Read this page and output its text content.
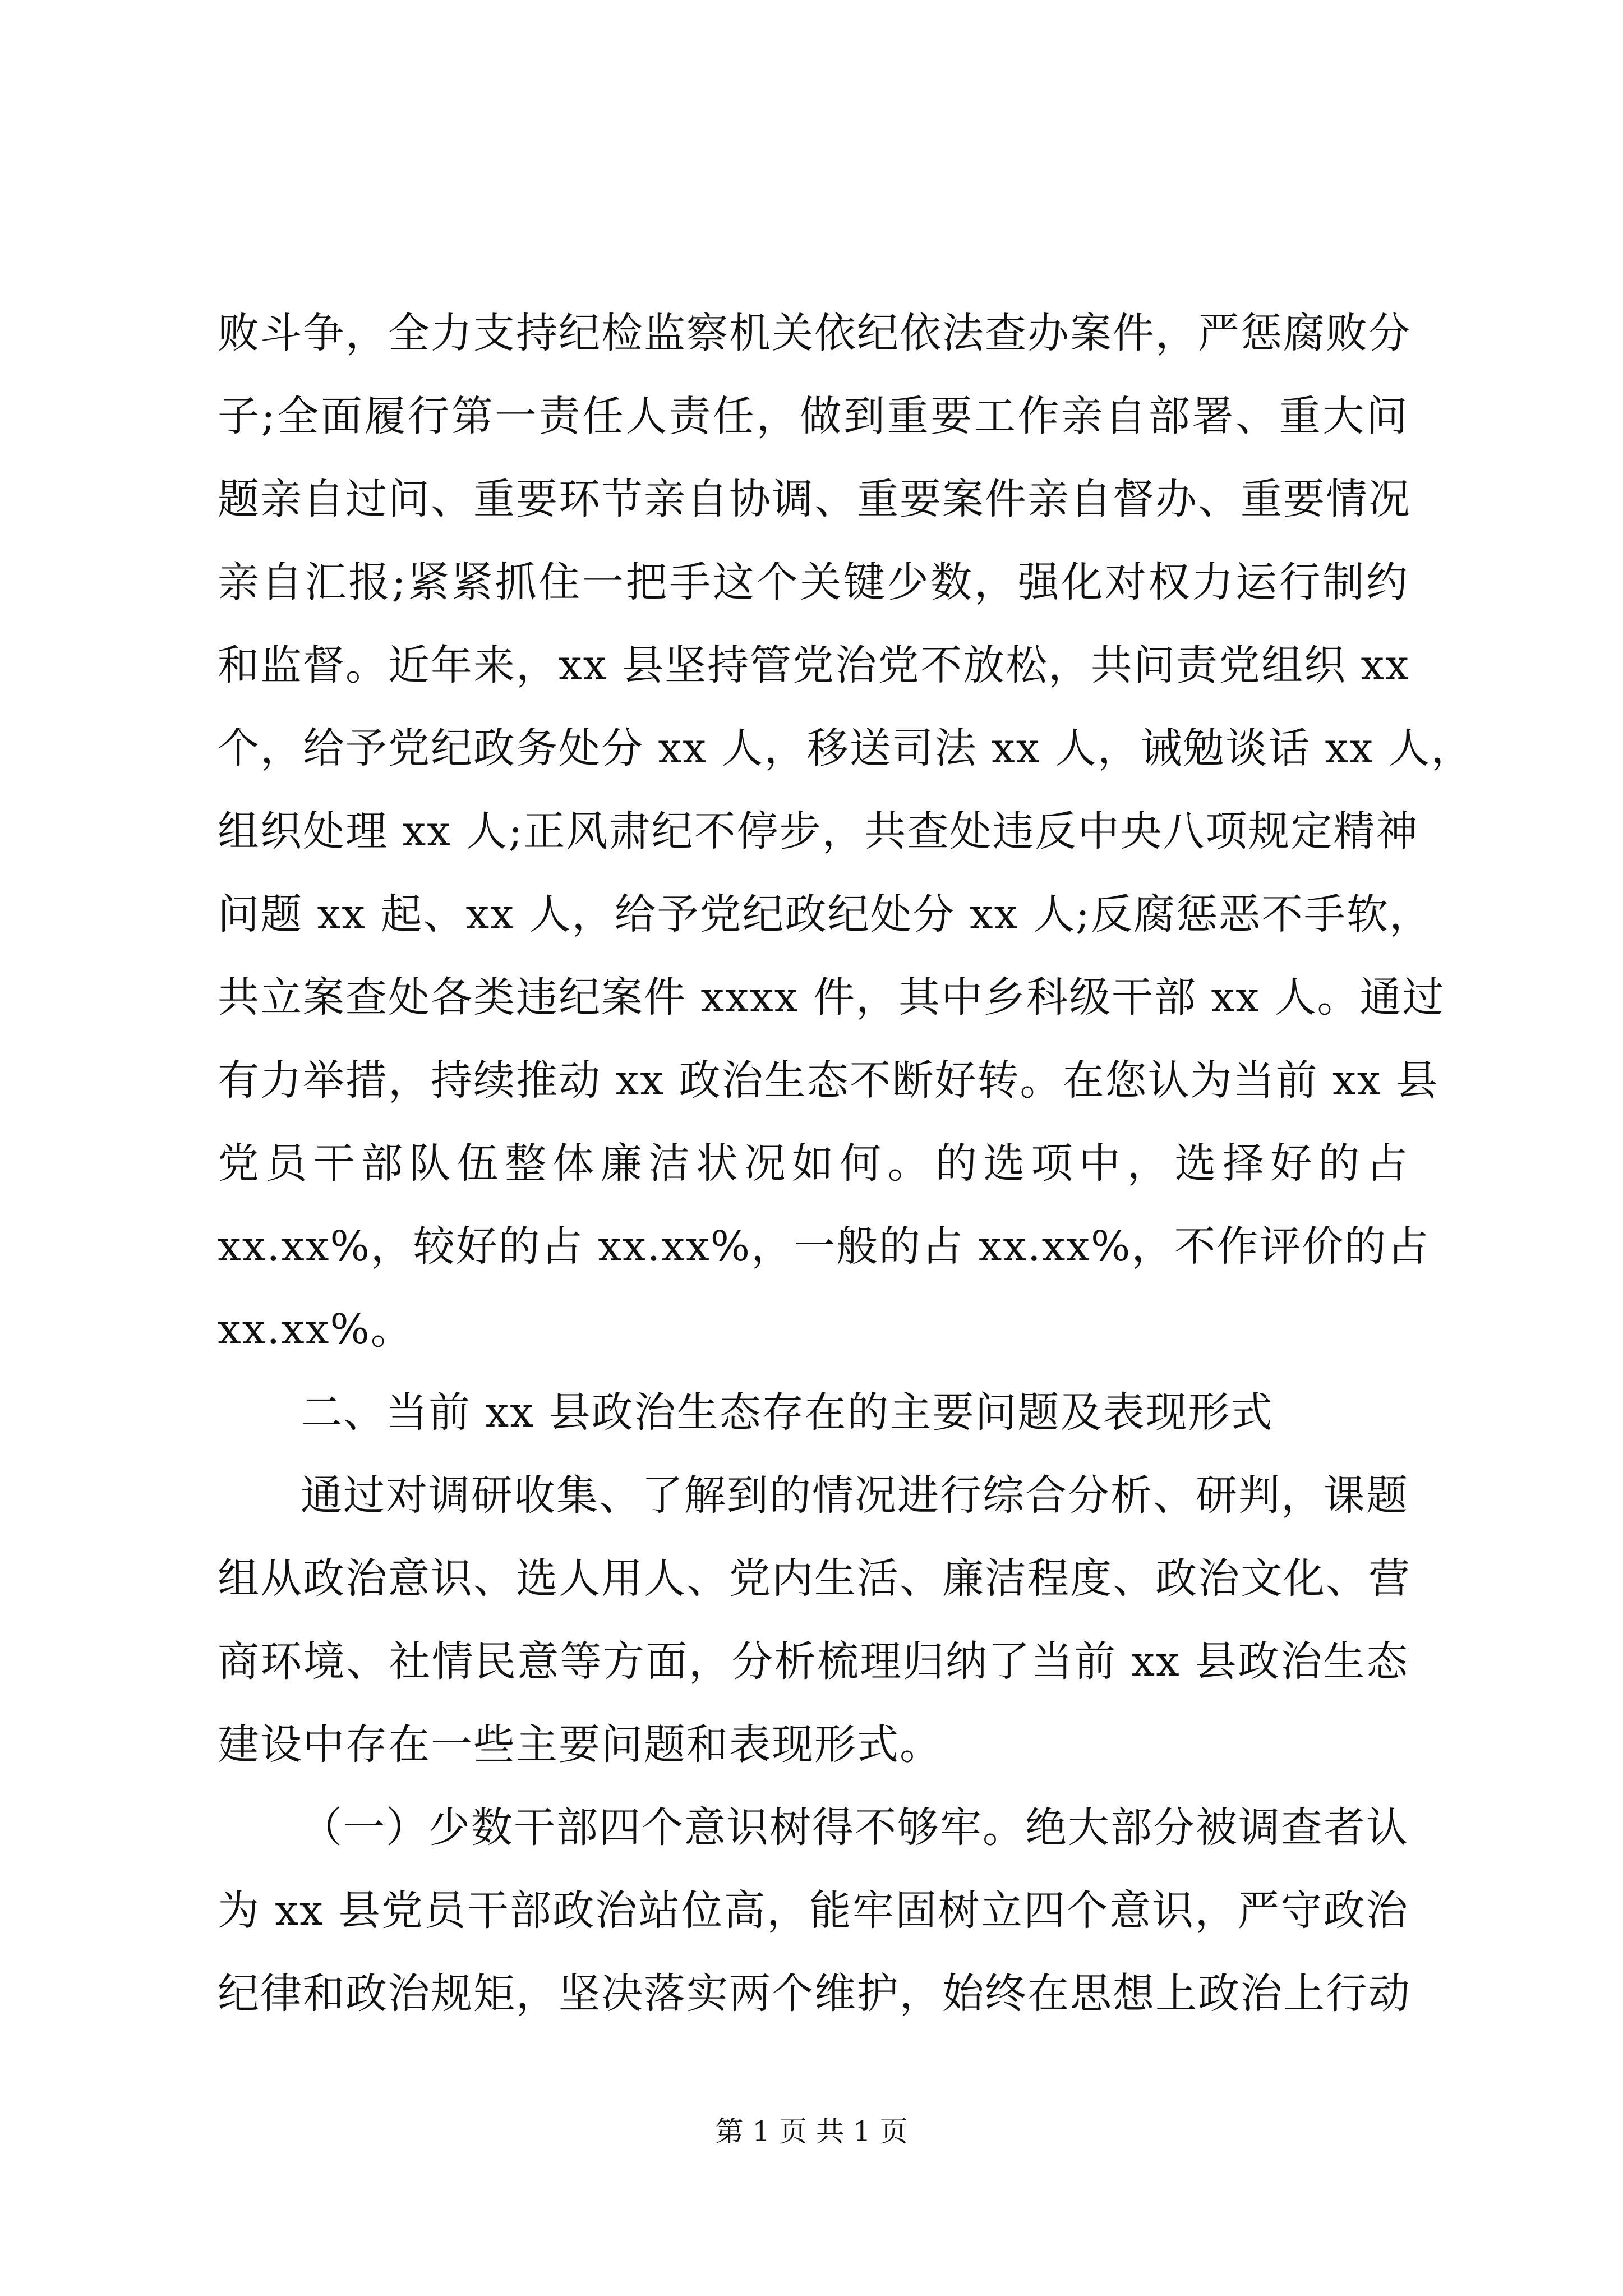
败斗争，全力支持纪检监察机关依纪依法查办案件，严惩腐败分
子;全面履行第一责任人责任，做到重要工作亲自部署、重大问
题亲自过问、重要环节亲自协调、重要案件亲自督办、重要情况
亲自汇报;紧紧抓住一把手这个关键少数，强化对权力运行制约
和监督。近年来，xx 县坚持管党治党不放松，共问责党组织 xx
个，给予党纪政务处分 xx 人，移送司法 xx 人，诫勉谈话 xx 人，
组织处理 xx 人;正风肃纪不停步，共查处违反中央八项规定精神
问题 xx 起、xx 人，给予党纪政纪处分 xx 人;反腐惩恶不手软，
共立案查处各类违纪案件 xxxx 件，其中乡科级干部 xx 人。通过
有力举措，持续推动 xx 政治生态不断好转。在您认为当前 xx 县
党员干部队伍整体廉洁状况如何。的选项中，选择好的占
xx.xx%，较好的占 xx.xx%，一般的占 xx.xx%，不作评价的占
xx.xx%。
二、当前 xx 县政治生态存在的主要问题及表现形式
通过对调研收集、了解到的情况进行综合分析、研判，课题
组从政治意识、选人用人、党内生活、廉洁程度、政治文化、营
商环境、社情民意等方面，分析梳理归纳了当前 xx 县政治生态
建设中存在一些主要问题和表现形式。
（一）少数干部四个意识树得不够牢。绝大部分被调查者认
为 xx 县党员干部政治站位高，能牢固树立四个意识，严守政治
纪律和政治规矩，坚决落实两个维护，始终在思想上政治上行动
第 1 页 共 1 页
